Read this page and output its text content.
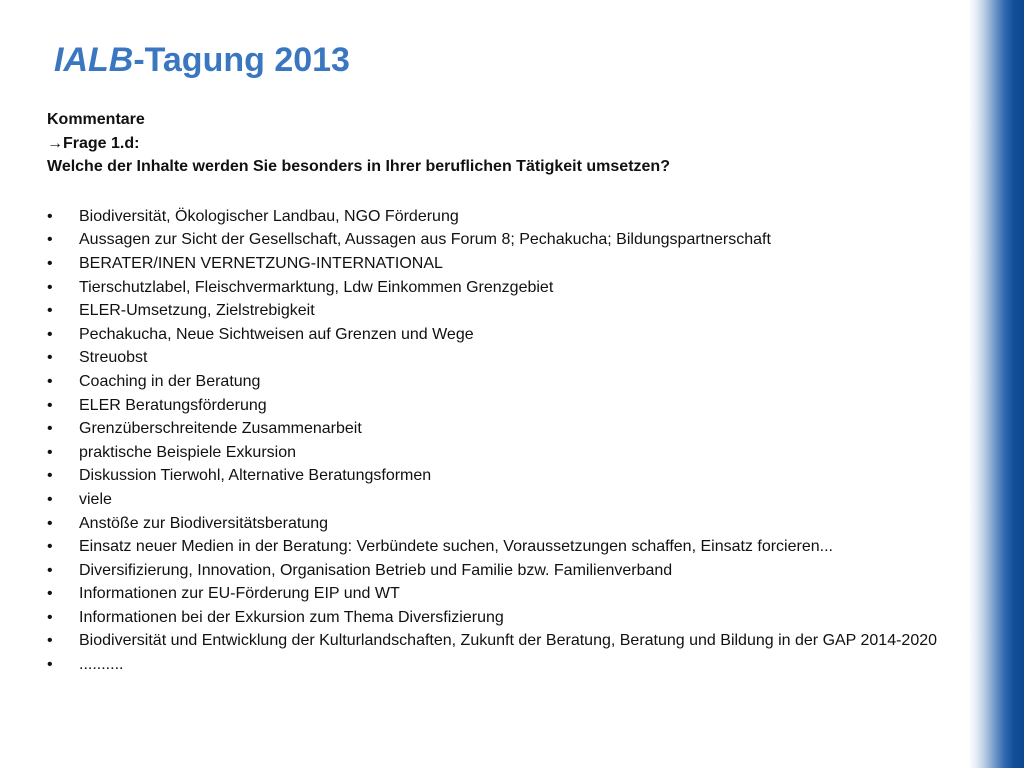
IALB-Tagung 2013
Kommentare
→Frage 1.d:
Welche der Inhalte werden Sie besonders in Ihrer beruflichen Tätigkeit umsetzen?
• Biodiversität, Ökologischer Landbau, NGO Förderung
• Aussagen zur Sicht der Gesellschaft, Aussagen aus Forum 8; Pechakucha; Bildungspartnerschaft
• BERATER/INEN VERNETZUNG-INTERNATIONAL
• Tierschutzlabel, Fleischvermarktung, Ldw Einkommen Grenzgebiet
• ELER-Umsetzung, Zielstrebigkeit
• Pechakucha, Neue Sichtweisen auf Grenzen und Wege
• Streuobst
• Coaching in der Beratung
• ELER Beratungsförderung
• Grenzüberschreitende Zusammenarbeit
• praktische Beispiele Exkursion
• Diskussion Tierwohl, Alternative Beratungsformen
• viele
• Anstöße zur Biodiversitätsberatung
• Einsatz neuer Medien in der Beratung: Verbündete suchen, Voraussetzungen schaffen, Einsatz forcieren...
• Diversifizierung, Innovation, Organisation Betrieb und Familie bzw. Familienverband
• Informationen zur EU-Förderung EIP und WT
• Informationen bei der Exkursion zum Thema Diversfizierung
• Biodiversität und Entwicklung der Kulturlandschaften, Zukunft der Beratung, Beratung und Bildung in der GAP 2014-2020
• ..........
